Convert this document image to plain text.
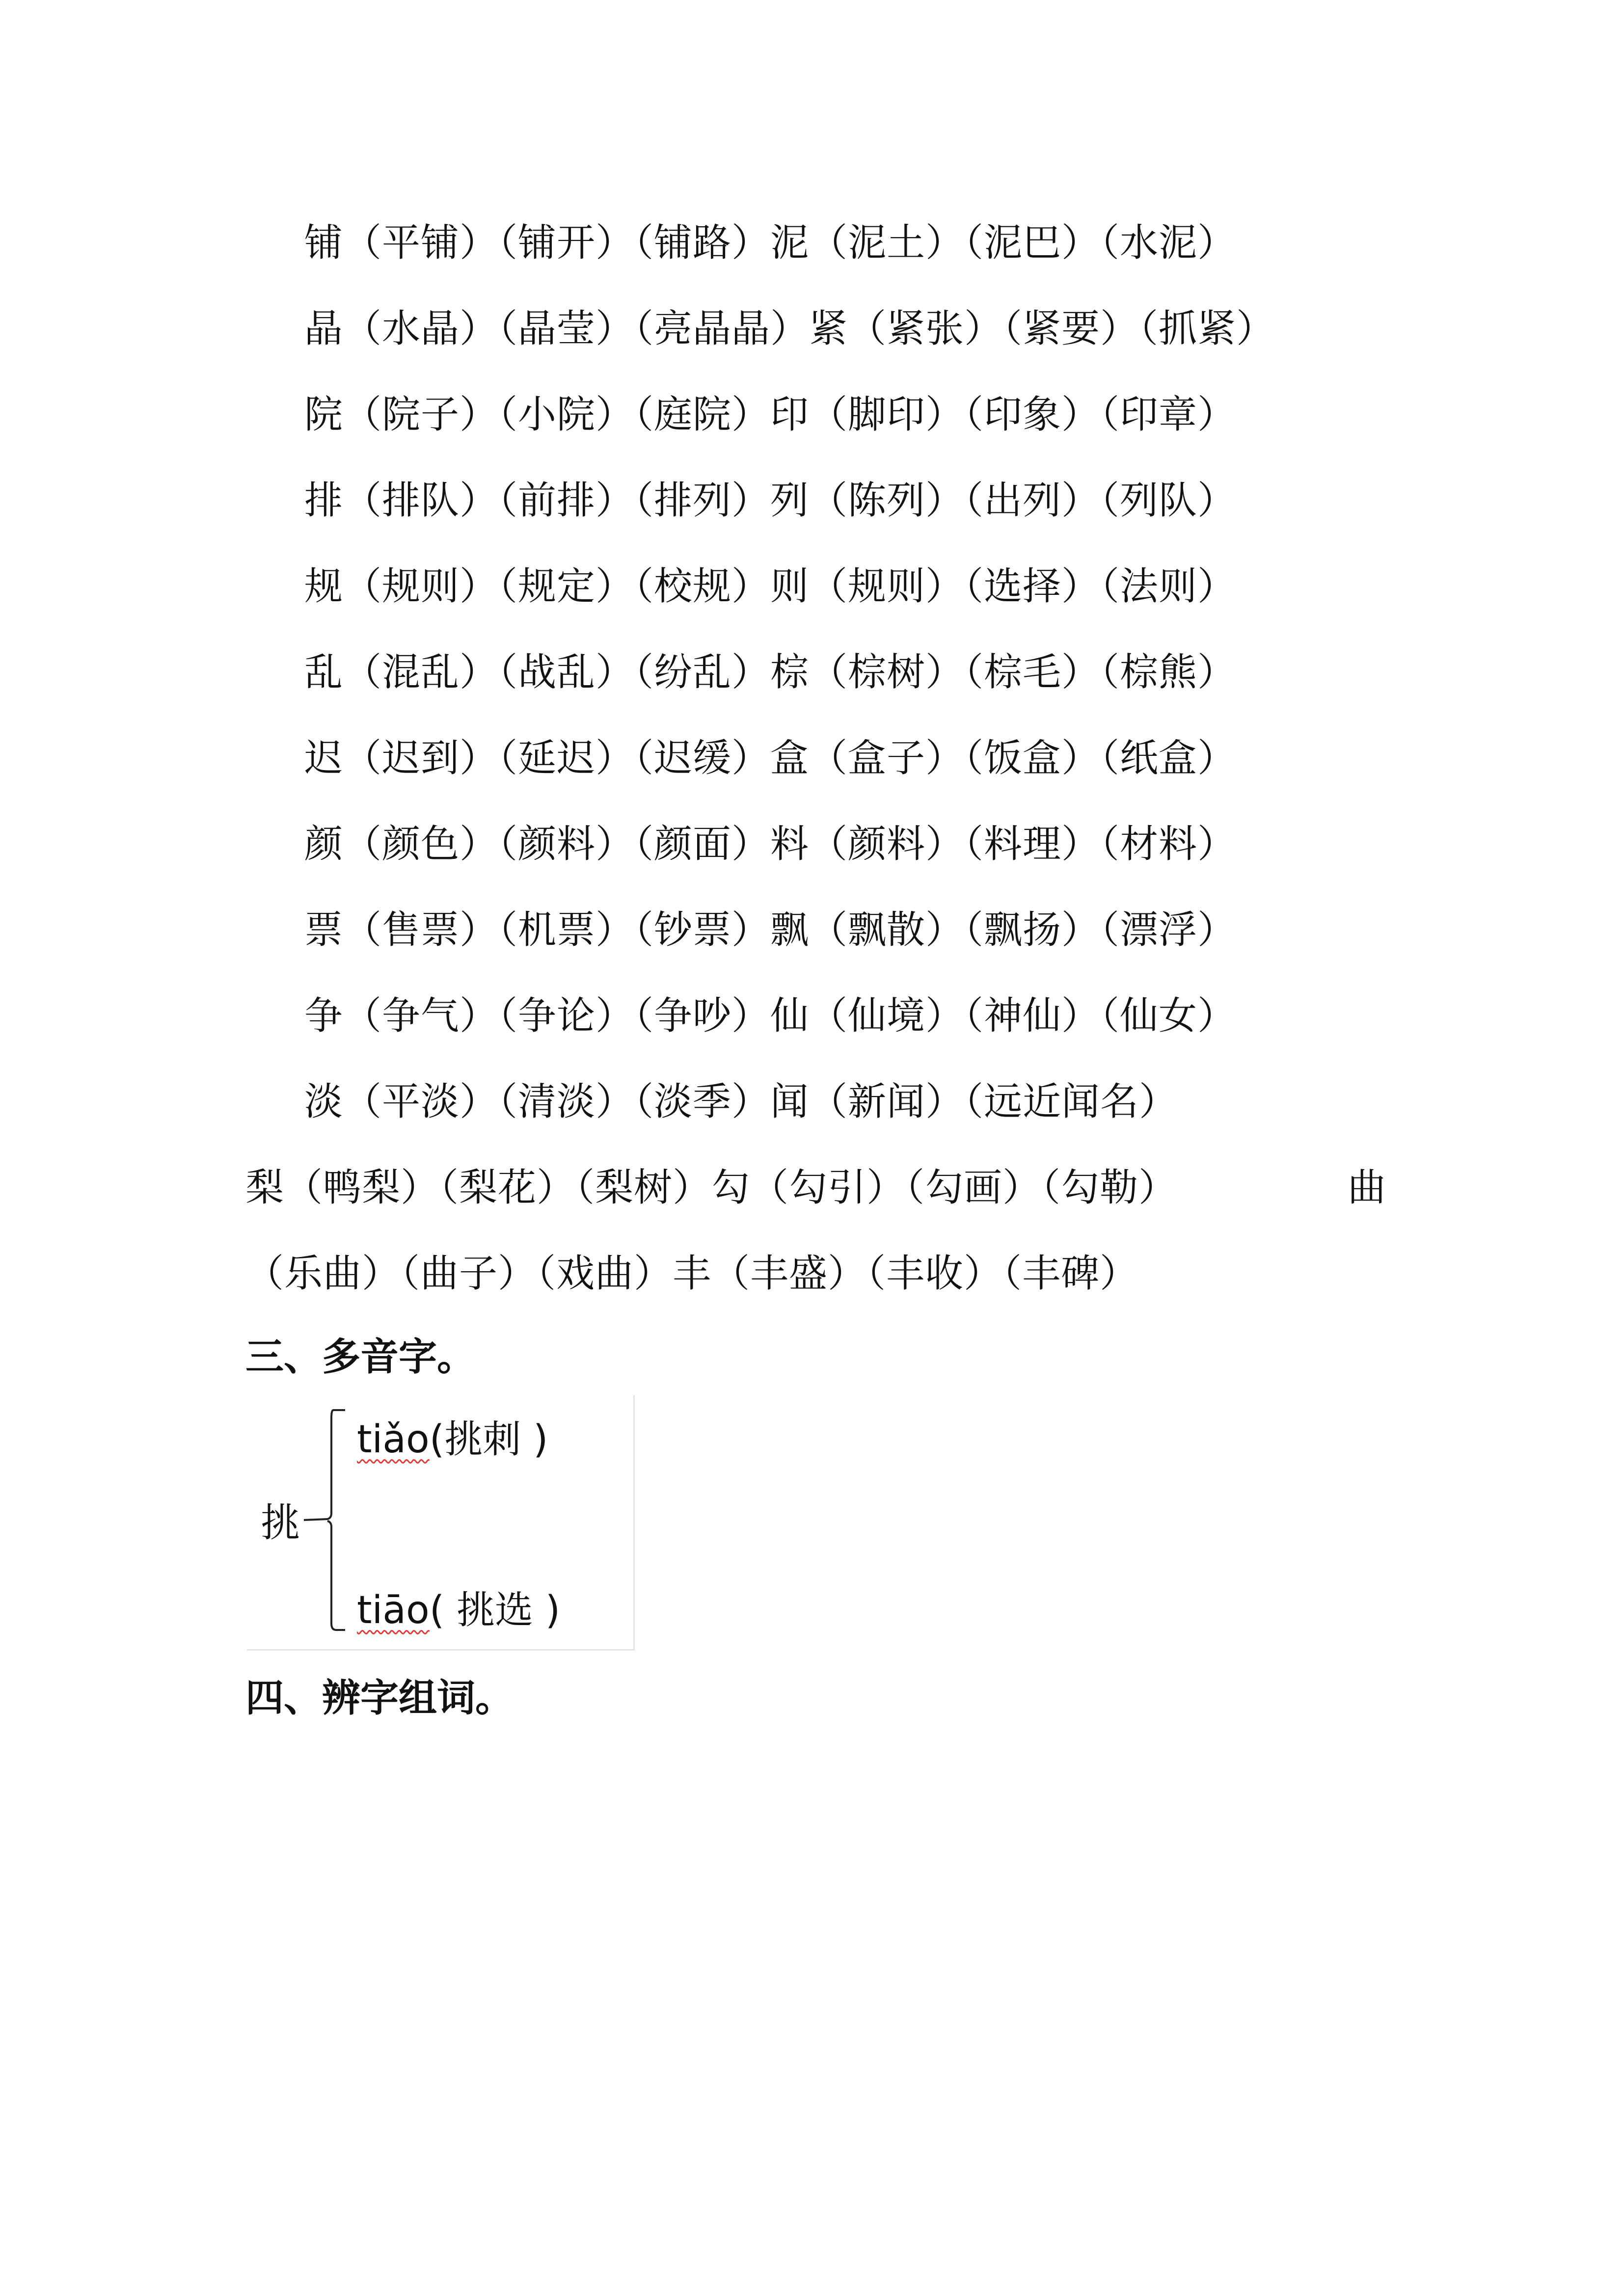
铺（平铺）（铺开）（铺路）泥（泥土）（泥巴）（水泥）
晶（水晶）（晶莹）（亮晶晶）紧（紧张）（紧要）（抓紧）
院（院子）（小院）（庭院）印（脚印）（印象）（印章）
排（排队）（前排）（排列）列（陈列）（出列）（列队）
规（规则）（规定）（校规）则（规则）（选择）（法则）
乱（混乱）（战乱）（纷乱）棕（棕树）（棕毛）（棕熊）
迟（迟到）（延迟）（迟缓）盒（盒子）（饭盒）（纸盒）
颜（颜色）（颜料）（颜面）料（颜料）（料理）（材料）
票（售票）（机票）（钞票）飘（飘散）（飘扬）（漂浮）
争（争气）（争论）（争吵）仙（仙境）（神仙）（仙女）
淡（平淡）（清淡）（淡季）闻（新闻）（远近闻名）
梨（鸭梨）（梨花）（梨树）勾（勾引）（勾画）（勾勒）	曲
（乐曲）（曲子）（戏曲）丰（丰盛）（丰收）（丰碑）
三、多音字。
挑
tiǎo(挑刺 )
tiāo( 挑选 )
四、辨字组词。
